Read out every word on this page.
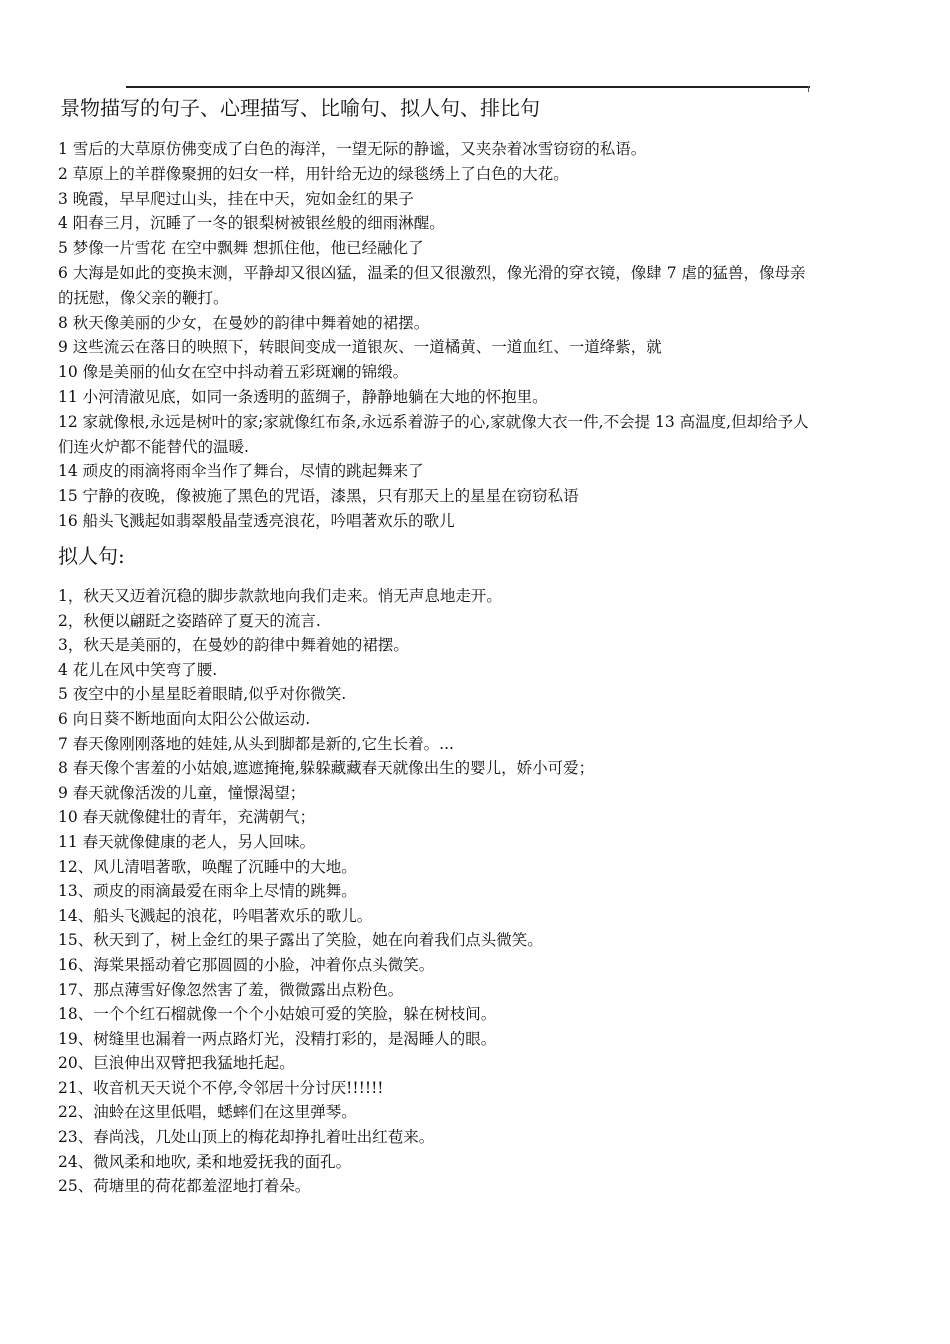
景物描写的句子、心理描写、比喻句、拟人句、排比句
1 雪后的大草原仿佛变成了白色的海洋，一望无际的静谧，又夹杂着冰雪窃窃的私语。
2 草原上的羊群像聚拥的妇女一样，用针给无边的绿毯绣上了白色的大花。
3 晚霞，早早爬过山头，挂在中天，宛如金红的果子
4 阳春三月，沉睡了一冬的银梨树被银丝般的细雨淋醒。
5 梦像一片雪花 在空中飘舞 想抓住他，他已经融化了
6 大海是如此的变换末测，平静却又很凶猛，温柔的但又很激烈，像光滑的穿衣镜，像肆 7 虐的猛兽，像母亲的抚慰，像父亲的鞭打。
8 秋天像美丽的少女，在曼妙的韵律中舞着她的裙摆。
9 这些流云在落日的映照下，转眼间变成一道银灰、一道橘黄、一道血红、一道绛紫，就
10 像是美丽的仙女在空中抖动着五彩斑斓的锦缎。
11 小河清澈见底，如同一条透明的蓝绸子，静静地躺在大地的怀抱里。
12 家就像根,永远是树叶的家;家就像红布条,永远系着游子的心,家就像大衣一件,不会提 13 高温度,但却给予人们连火炉都不能替代的温暖.
14 顽皮的雨滴将雨伞当作了舞台，尽情的跳起舞来了
15 宁静的夜晚，像被施了黑色的咒语，漆黑，只有那天上的星星在窃窃私语
16 船头飞溅起如翡翠般晶莹透亮浪花，吟唱著欢乐的歌儿
拟人句:
1，秋天又迈着沉稳的脚步款款地向我们走来。悄无声息地走开。
2，秋便以翩跹之姿踏碎了夏天的流言.
3，秋天是美丽的，在曼妙的韵律中舞着她的裙摆。
4 花儿在风中笑弯了腰.
5 夜空中的小星星眨着眼睛,似乎对你微笑.
6 向日葵不断地面向太阳公公做运动.
7 春天像刚刚落地的娃娃,从头到脚都是新的,它生长着。...
8 春天像个害羞的小姑娘,遮遮掩掩,躲躲藏藏春天就像出生的婴儿，娇小可爱；
9 春天就像活泼的儿童，憧憬渴望；
10 春天就像健壮的青年，充满朝气；
11 春天就像健康的老人，另人回味。
12、风儿清唱著歌，唤醒了沉睡中的大地。
13、顽皮的雨滴最爱在雨伞上尽情的跳舞。
14、船头飞溅起的浪花，吟唱著欢乐的歌儿。
15、秋天到了，树上金红的果子露出了笑脸，她在向着我们点头微笑。
16、海棠果摇动着它那圆圆的小脸，冲着你点头微笑。
17、那点薄雪好像忽然害了羞，微微露出点粉色。
18、一个个红石榴就像一个个小姑娘可爱的笑脸，躲在树枝间。
19、树缝里也漏着一两点路灯光，没精打彩的，是渴睡人的眼。
20、巨浪伸出双臂把我猛地托起。
21、收音机天天说个不停,令邻居十分讨厌!!!!!!
22、油蛉在这里低唱，蟋蟀们在这里弹琴。
23、春尚浅，几处山顶上的梅花却挣扎着吐出红苞来。
24、微风柔和地吹, 柔和地爱抚我的面孔。
25、荷塘里的荷花都羞涩地打着朵。
